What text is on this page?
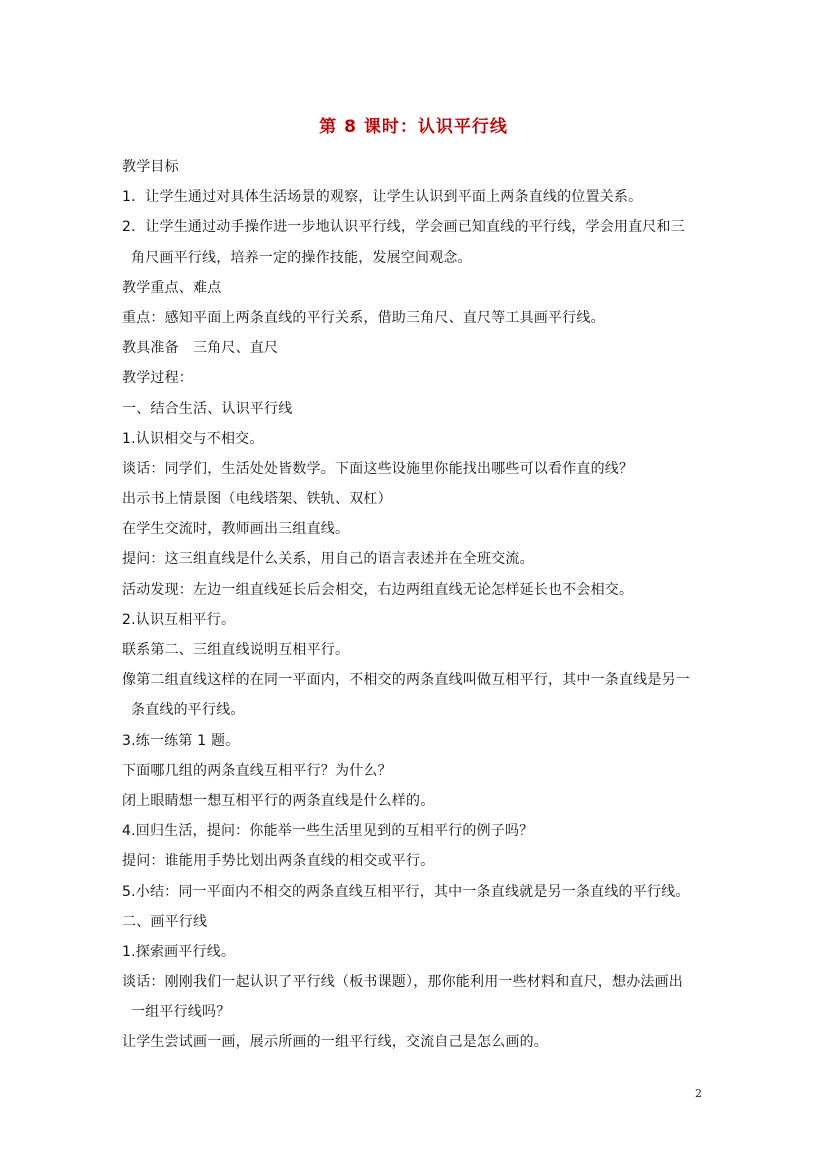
第 8 课时：认识平行线
教学目标
1．让学生通过对具体生活场景的观察，让学生认识到平面上两条直线的位置关系。
2．让学生通过动手操作进一步地认识平行线，学会画已知直线的平行线，学会用直尺和三
角尺画平行线，培养一定的操作技能，发展空间观念。
教学重点、难点
重点：感知平面上两条直线的平行关系，借助三角尺、直尺等工具画平行线。
教具准备　三角尺、直尺
教学过程：
一、结合生活、认识平行线
1.认识相交与不相交。
谈话：同学们，生活处处皆数学。下面这些设施里你能找出哪些可以看作直的线？
出示书上情景图（电线塔架、铁轨、双杠）
在学生交流时，教师画出三组直线。
提问：这三组直线是什么关系，用自己的语言表述并在全班交流。
活动发现：左边一组直线延长后会相交，右边两组直线无论怎样延长也不会相交。
2.认识互相平行。
联系第二、三组直线说明互相平行。
像第二组直线这样的在同一平面内，不相交的两条直线叫做互相平行，其中一条直线是另一
条直线的平行线。
3.练一练第 1 题。
下面哪几组的两条直线互相平行？为什么？
闭上眼睛想一想互相平行的两条直线是什么样的。
4.回归生活，提问：你能举一些生活里见到的互相平行的例子吗？
提问：谁能用手势比划出两条直线的相交或平行。
5.小结：同一平面内不相交的两条直线互相平行，其中一条直线就是另一条直线的平行线。
二、画平行线
1.探索画平行线。
谈话：刚刚我们一起认识了平行线（板书课题），那你能利用一些材料和直尺，想办法画出
一组平行线吗？
让学生尝试画一画，展示所画的一组平行线，交流自己是怎么画的。
2
